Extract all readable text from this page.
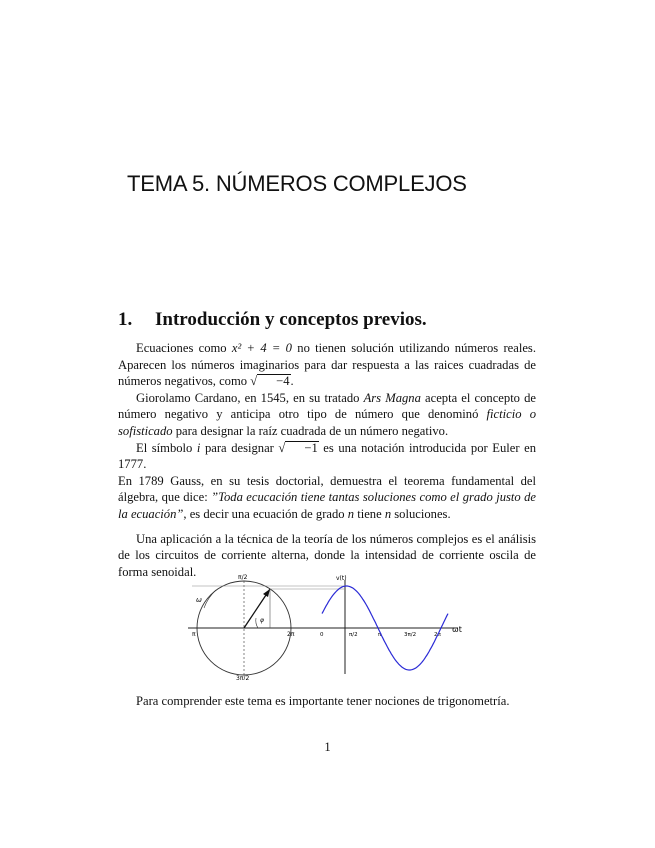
TEMA 5. NÚMEROS COMPLEJOS
1. Introducción y conceptos previos.

Ecuaciones como x² + 4 = 0 no tienen solución utilizando números reales. Aparecen los números imaginarios para dar respuesta a las raices cuadradas de números negativos, como √ −4.

Giorolamo Cardano, en 1545, en su tratado Ars Magna acepta el concepto de número negativo y anticipa otro tipo de número que denominó ficticio o sofisticado para designar la raíz cuadrada de un número negativo.

El símbolo i para designar √ −1 es una notación introducida por Euler en 1777.

En 1789 Gauss, en su tesis doctorial, demuestra el teorema fundamental del álgebra, que dice: ”Toda ecucación tiene tantas soluciones como el grado justo de la ecuación”, es decir una ecuación de grado n tiene n soluciones.

Una aplicación a la técnica de la teoría de los números complejos es el análisis de los circuitos de corriente alterna, donde la intensidad de corriente oscila de forma senoidal.	π/2
3π/2
2π
π
ω
φ
v(t)
ωt
0	π/2	π	3π/2	2π

Para comprender este tema es importante tener nociones de trigonometría.

1
